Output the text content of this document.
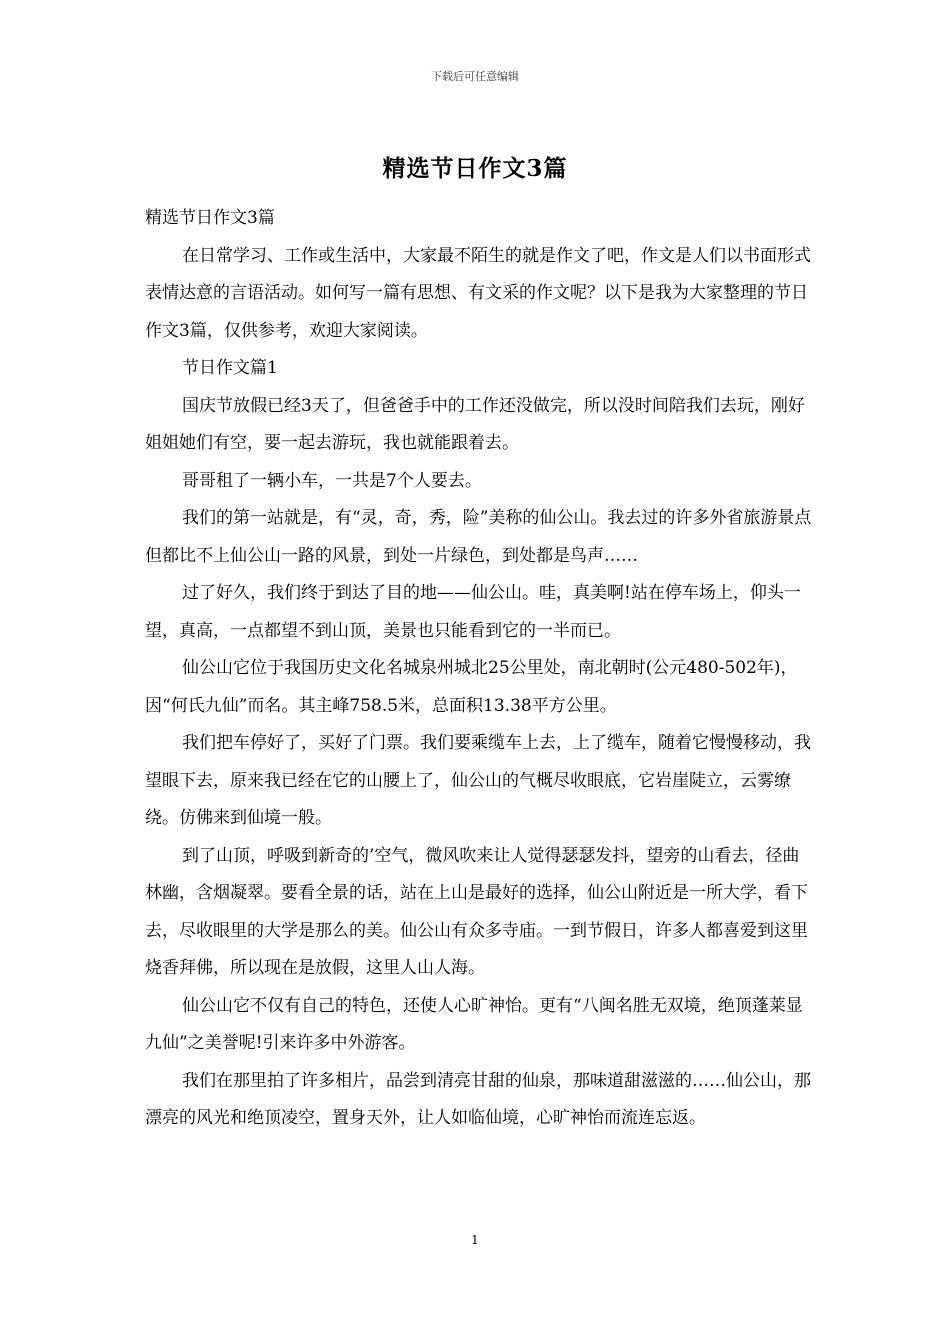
下载后可任意编辑
精选节日作文3篇

精选节日作文3篇

在日常学习、工作或生活中，大家最不陌生的就是作文了吧，作文是人们以书面形式表情达意的言语活动。如何写一篇有思想、有文采的作文呢？以下是我为大家整理的节日作文3篇，仅供参考，欢迎大家阅读。

节日作文篇1

国庆节放假已经3天了，但爸爸手中的工作还没做完，所以没时间陪我们去玩，刚好姐姐她们有空，要一起去游玩，我也就能跟着去。

哥哥租了一辆小车，一共是7个人要去。

我们的第一站就是，有“灵，奇，秀，险”美称的仙公山。我去过的许多外省旅游景点但都比不上仙公山一路的风景，到处一片绿色，到处都是鸟声……

过了好久，我们终于到达了目的地——仙公山。哇，真美啊!站在停车场上，仰头一望，真高，一点都望不到山顶，美景也只能看到它的一半而已。

仙公山它位于我国历史文化名城泉州城北25公里处，南北朝时(公元480-502年)，因“何氏九仙”而名。其主峰758.5米，总面积13.38平方公里。

我们把车停好了，买好了门票。我们要乘缆车上去，上了缆车，随着它慢慢移动，我望眼下去，原来我已经在它的山腰上了，仙公山的气概尽收眼底，它岩崖陡立，云雾缭绕。仿佛来到仙境一般。

到了山顶，呼吸到新奇的’空气，微风吹来让人觉得瑟瑟发抖，望旁的山看去，径曲林幽，含烟凝翠。要看全景的话，站在上山是最好的选择，仙公山附近是一所大学，看下去，尽收眼里的大学是那么的美。仙公山有众多寺庙。一到节假日，许多人都喜爱到这里烧香拜佛，所以现在是放假，这里人山人海。

仙公山它不仅有自己的特色，还使人心旷神怡。更有“八闽名胜无双境，绝顶蓬莱显九仙”之美誉呢!引来许多中外游客。

我们在那里拍了许多相片，品尝到清亮甘甜的仙泉，那味道甜滋滋的……仙公山，那漂亮的风光和绝顶凌空，置身天外，让人如临仙境，心旷神怡而流连忘返。

1
